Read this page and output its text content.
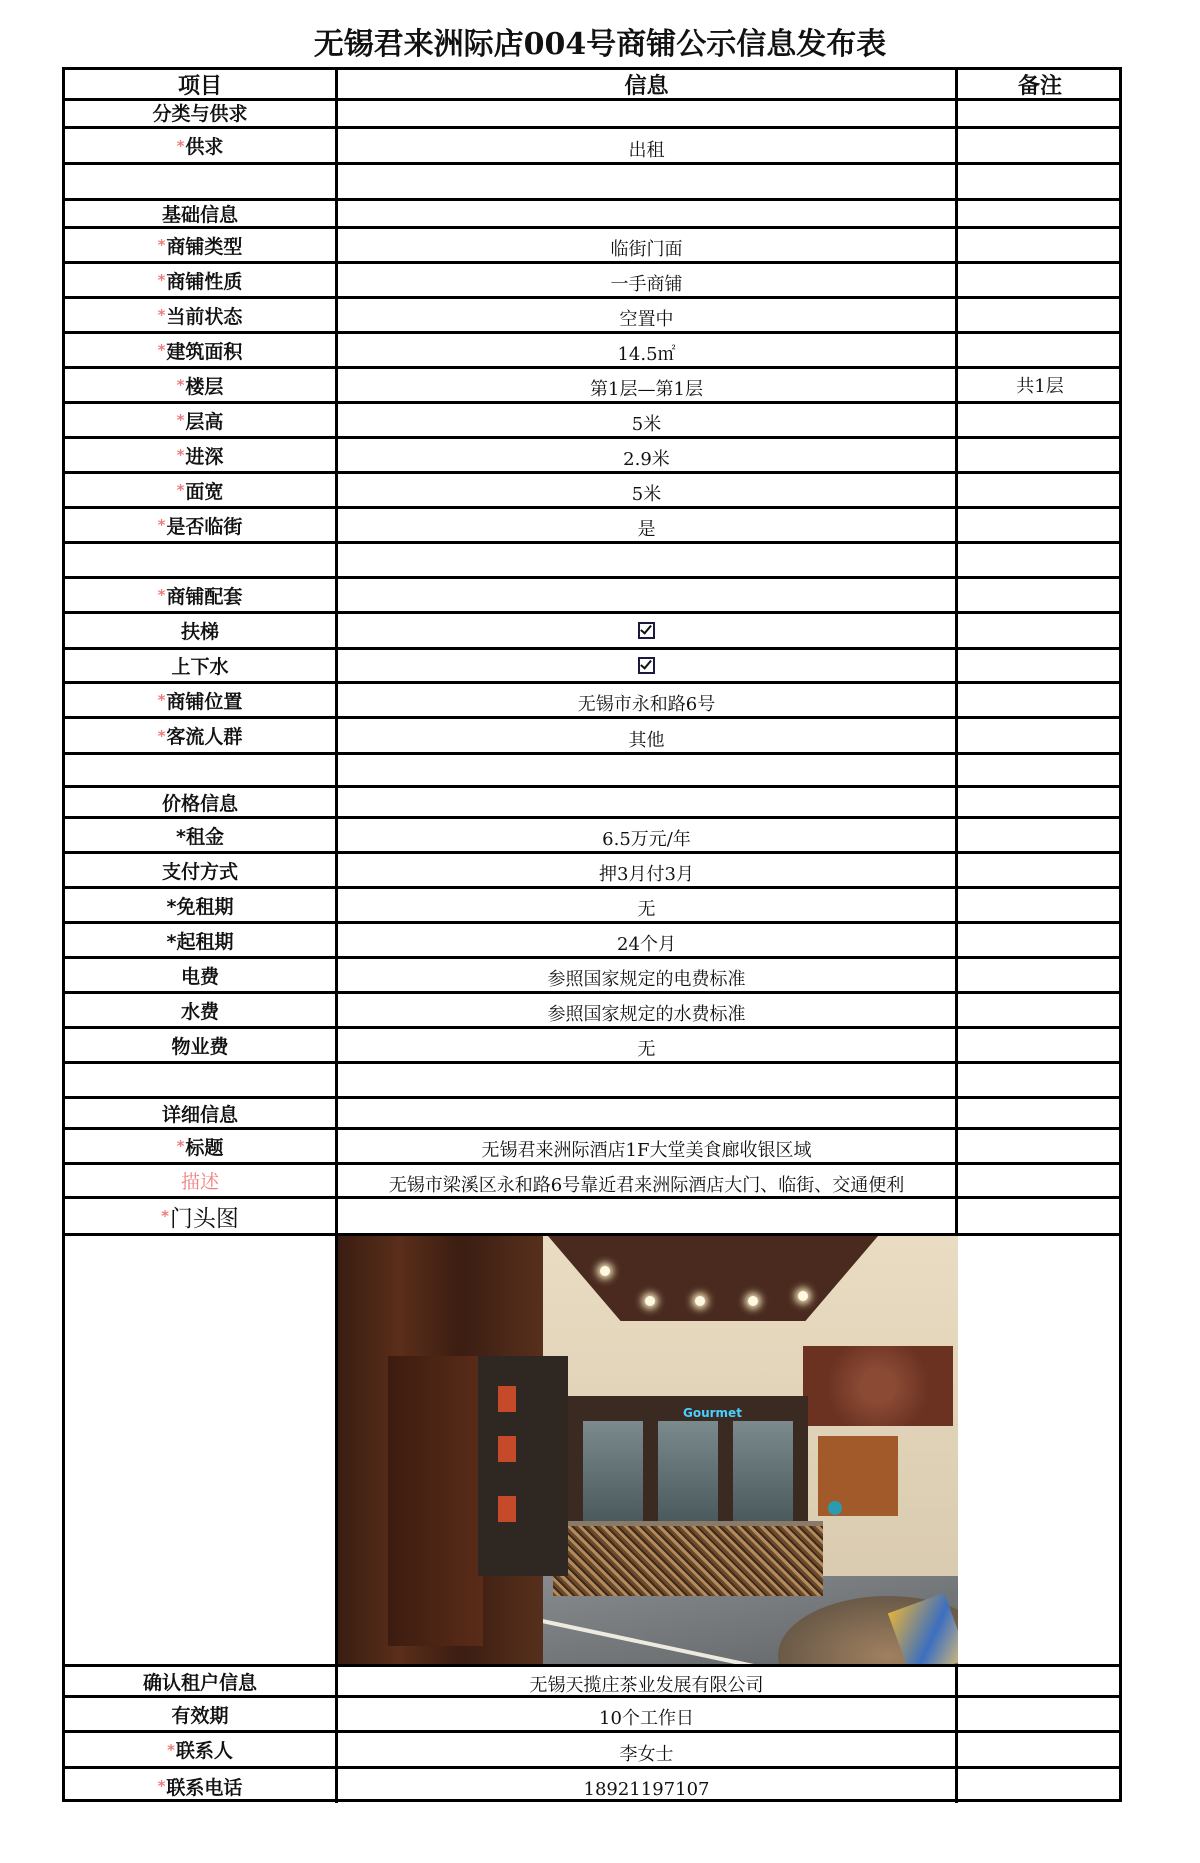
无锡君来洲际店004号商铺公示信息发布表
项目	信息	备注
分类与供求
* 供求	出租
基础信息
* 商铺类型	临街门面
* 商铺性质	一手商铺
* 当前状态	空置中
* 建筑面积	14.5㎡
* 楼层	第1层—第1层	共1层
* 层高	5米
* 进深	2.9米
* 面宽	5米
* 是否临街	是
* 商铺配套
扶梯
上下水
* 商铺位置	无锡市永和路6号
* 客流人群	其他
价格信息
*租金	6.5万元/年
支付方式	押3月付3月
*免租期	无
*起租期	24个月
电费	参照国家规定的电费标准
水费	参照国家规定的水费标准
物业费	无
详细信息
* 标题	无锡君来洲际酒店1F大堂美食廊收银区域
描述	无锡市梁溪区永和路6号靠近君来洲际酒店大门、临街、交通便利
* 门头图
Gourmet
确认租户信息	无锡天揽庄茶业发展有限公司
有效期	10个工作日
* 联系人	李女士
* 联系电话	18921197107
